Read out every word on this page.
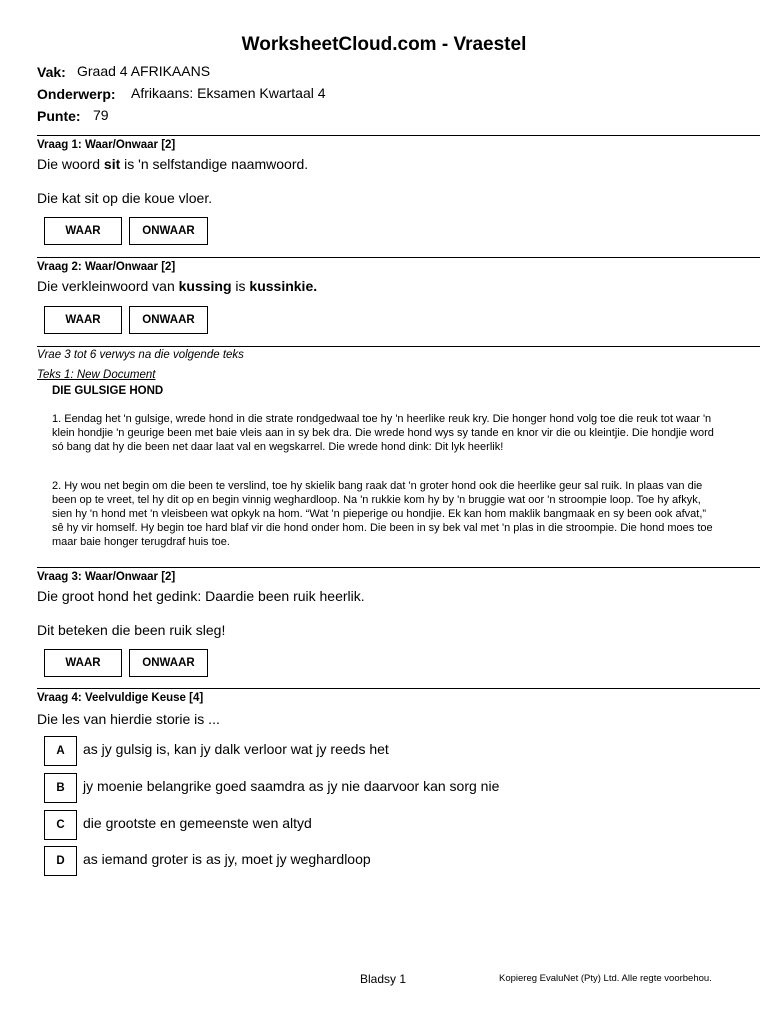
WorksheetCloud.com - Vraestel
Vak: Graad 4 AFRIKAANS
Onderwerp: Afrikaans: Eksamen Kwartaal 4
Punte: 79
Vraag 1: Waar/Onwaar [2]
Die woord sit is 'n selfstandige naamwoord.
Die kat sit op die koue vloer.
WAAR	ONWAAR
Vraag 2: Waar/Onwaar [2]
Die verkleinwoord van kussing is kussinkie.
WAAR	ONWAAR
Vrae 3 tot 6 verwys na die volgende teks
Teks 1: New Document
DIE GULSIGE HOND
1. Eendag het 'n gulsige, wrede hond in die strate rondgedwaal toe hy 'n heerlike reuk kry. Die honger hond volg toe die reuk tot waar 'n klein hondjie 'n geurige been met baie vleis aan in sy bek dra. Die wrede hond wys sy tande en knor vir die ou kleintjie. Die hondjie word só bang dat hy die been net daar laat val en wegskarrel. Die wrede hond dink: Dit lyk heerlik!
2. Hy wou net begin om die been te verslind, toe hy skielik bang raak dat 'n groter hond ook die heerlike geur sal ruik. In plaas van die been op te vreet, tel hy dit op en begin vinnig weghardloop. Na 'n rukkie kom hy by 'n bruggie wat oor 'n stroompie loop. Toe hy afkyk, sien hy 'n hond met 'n vleisbeen wat opkyk na hom. “Wat 'n pieperige ou hondjie. Ek kan hom maklik bangmaak en sy been ook afvat,” sê hy vir homself. Hy begin toe hard blaf vir die hond onder hom. Die been in sy bek val met 'n plas in die stroompie. Die hond moes toe maar baie honger terugdraf huis toe.
Vraag 3: Waar/Onwaar [2]
Die groot hond het gedink: Daardie been ruik heerlik.
Dit beteken die been ruik sleg!
WAAR	ONWAAR
Vraag 4: Veelvuldige Keuse [4]
Die les van hierdie storie is ...
A	as jy gulsig is, kan jy dalk verloor wat jy reeds het
B	jy moenie belangrike goed saamdra as jy nie daarvoor kan sorg nie
C	die grootste en gemeenste wen altyd
D	as iemand groter is as jy, moet jy weghardloop
Bladsy 1	Kopiereg EvaluNet (Pty) Ltd. Alle regte voorbehou.
